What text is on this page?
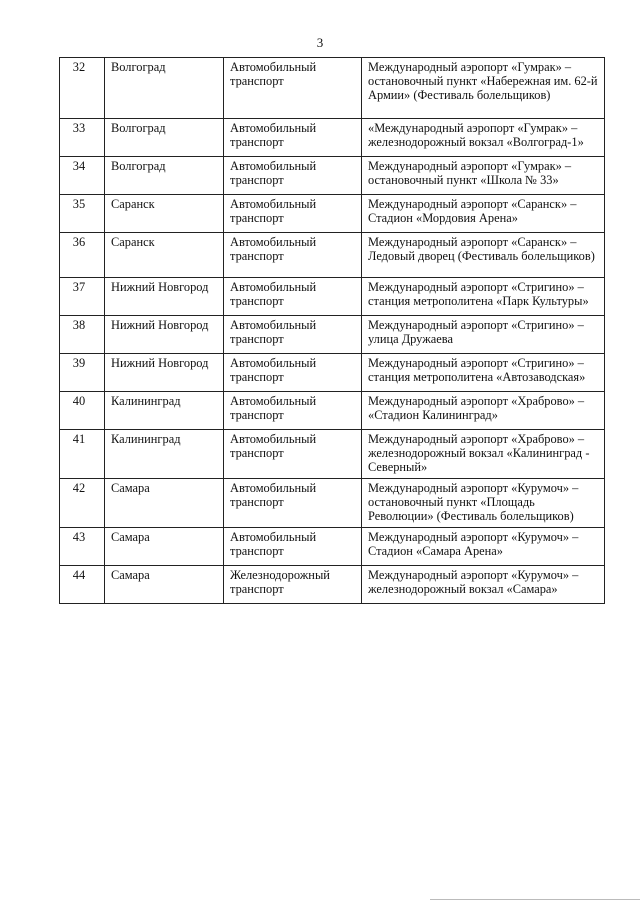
3
32	Волгоград	Автомобильный транспорт	Международный аэропорт «Гумрак» – остановочный пункт «Набережная им. 62-й Армии» (Фестиваль болельщиков)
33	Волгоград	Автомобильный транспорт	«Международный аэропорт «Гумрак» – железнодорожный вокзал «Волгоград-1»
34	Волгоград	Автомобильный транспорт	Международный аэропорт «Гумрак» – остановочный пункт «Школа № 33»
35	Саранск	Автомобильный транспорт	Международный аэропорт «Саранск» – Стадион «Мордовия Арена»
36	Саранск	Автомобильный транспорт	Международный аэропорт «Саранск» – Ледовый дворец (Фестиваль болельщиков)
37	Нижний Новгород	Автомобильный транспорт	Международный аэропорт «Стригино» – станция метрополитена «Парк Культуры»
38	Нижний Новгород	Автомобильный транспорт	Международный аэропорт «Стригино» – улица Дружаева
39	Нижний Новгород	Автомобильный транспорт	Международный аэропорт «Стригино» – станция метрополитена «Автозаводская»
40	Калининград	Автомобильный транспорт	Международный аэропорт «Храброво» – «Стадион Калининград»
41	Калининград	Автомобильный транспорт	Международный аэропорт «Храброво» – железнодорожный вокзал «Калининград - Северный»
42	Самара	Автомобильный транспорт	Международный аэропорт «Курумоч» – остановочный пункт «Площадь Революции» (Фестиваль болельщиков)
43	Самара	Автомобильный транспорт	Международный аэропорт «Курумоч» – Стадион «Самара Арена»
44	Самара	Железнодорожный транспорт	Международный аэропорт «Курумоч» – железнодорожный вокзал «Самара»
